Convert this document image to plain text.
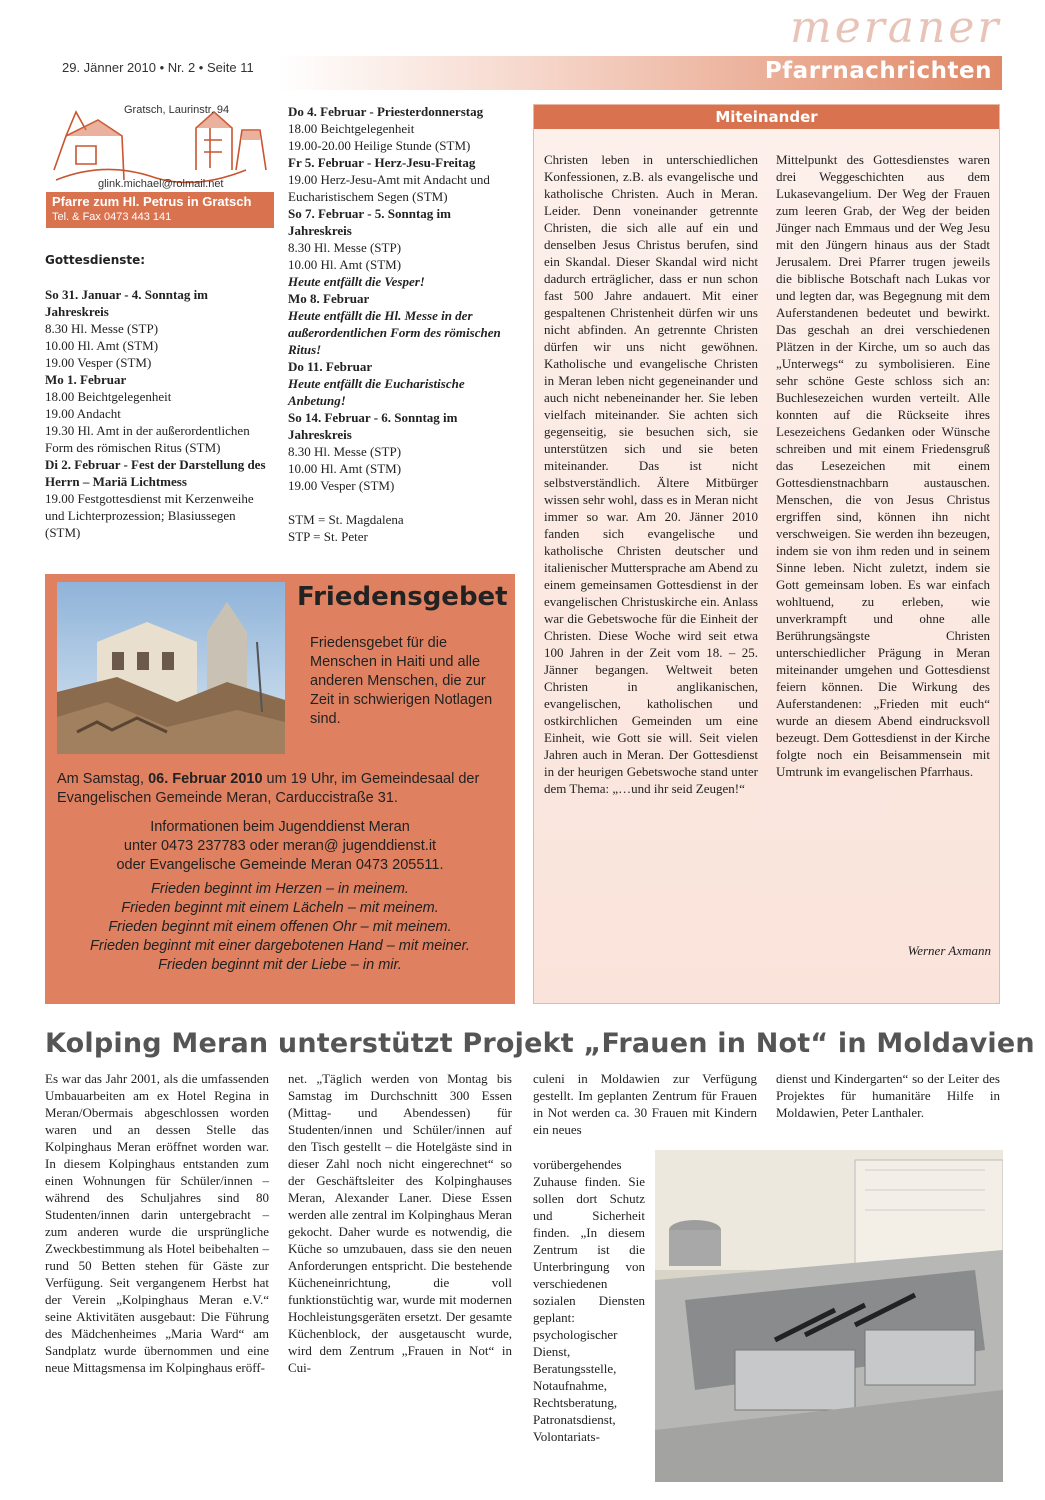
meraner
29. Jänner 2010 • Nr. 2 • Seite 11	Pfarrnachrichten
Gratsch, Laurinstr. 94
glink.michael@rolmail.net
Pfarre zum Hl. Petrus in Gratsch
Tel. & Fax 0473 443 141

Gottesdienste:

So 31. Januar - 4. Sonntag im Jahreskreis

8.30 Hl. Messe (STP)

10.00 Hl. Amt (STM)

19.00 Vesper (STM)

Mo 1. Februar

18.00 Beichtgelegenheit

19.00 Andacht

19.30 Hl. Amt in der außerordentlichen Form des römischen Ritus (STM)

Di 2. Februar - Fest der Darstellung des Herrn – Mariä Lichtmess

19.00 Festgottesdienst mit Kerzenweihe und Lichterprozession; Blasiussegen (STM)

Do 4. Februar - Priesterdonnerstag

18.00 Beichtgelegenheit

19.00-20.00 Heilige Stunde (STM)

Fr 5. Februar - Herz-Jesu-Freitag

19.00 Herz-Jesu-Amt mit Andacht und Eucharistischem Segen (STM)

So 7. Februar - 5. Sonntag im Jahreskreis

8.30 Hl. Messe (STP)

10.00 Hl. Amt (STM)

Heute entfällt die Vesper!

Mo 8. Februar

Heute entfällt die Hl. Messe in der außerordentlichen Form des römischen Ritus!

Do 11. Februar

Heute entfällt die Eucharistische Anbetung!

So 14. Februar - 6. Sonntag im Jahreskreis

8.30 Hl. Messe (STP)

10.00 Hl. Amt (STM)

19.00 Vesper (STM)

STM = St. Magdalena

STP = St. Peter

Miteinander
Christen leben in unterschiedlichen Konfessionen, z.B. als evangelische und katholische Christen. Auch in Meran. Leider. Denn voneinander getrennte Christen, die sich alle auf ein und denselben Jesus Christus berufen, sind ein Skandal. Dieser Skandal wird nicht dadurch erträglicher, dass er nun schon fast 500 Jahre andauert. Mit einer gespaltenen Christenheit dürfen wir uns nicht abfinden. An getrennte Christen dürfen wir uns nicht gewöhnen. Katholische und evangelische Christen in Meran leben nicht gegeneinander und auch nicht nebeneinander her. Sie leben vielfach miteinander. Sie achten sich gegenseitig, sie besuchen sich, sie unterstützen sich und sie beten miteinander. Das ist nicht selbstverständlich. Ältere Mitbürger wissen sehr wohl, dass es in Meran nicht immer so war. Am 20. Jänner 2010 fanden sich evangelische und katholische Christen deutscher und italienischer Muttersprache am Abend zu einem gemeinsamen Gottesdienst in der evangelischen Christuskirche ein. Anlass war die Gebetswoche für die Einheit der Christen. Diese Woche wird seit etwa 100 Jahren in der Zeit vom 18. – 25. Jänner begangen. Weltweit beten Christen in anglikanischen, evangelischen, katholischen und ostkirchlichen Gemeinden um eine Einheit, wie Gott sie will. Seit vielen Jahren auch in Meran. Der Gottesdienst in der heurigen Gebetswoche stand unter dem Thema: „…und ihr seid Zeugen!“
Mittelpunkt des Gottesdienstes waren drei Weggeschichten aus dem Lukasevangelium. Der Weg der Frauen zum leeren Grab, der Weg der beiden Jünger nach Emmaus und der Weg Jesu mit den Jüngern hinaus aus der Stadt Jerusalem. Drei Pfarrer trugen jeweils die biblische Botschaft nach Lukas vor und legten dar, was Begegnung mit dem Auferstandenen bedeutet und bewirkt. Das geschah an drei verschiedenen Plätzen in der Kirche, um so auch das „Unterwegs“ zu symbolisieren. Eine sehr schöne Geste schloss sich an: Buchlesezeichen wurden verteilt. Alle konnten auf die Rückseite ihres Lesezeichens Gedanken oder Wünsche schreiben und mit einem Friedensgruß das Lesezeichen mit einem Gottesdienstnachbarn austauschen. Menschen, die von Jesus Christus ergriffen sind, können ihn nicht verschweigen. Sie werden ihn bezeugen, indem sie von ihm reden und in seinem Sinne leben. Nicht zuletzt, indem sie Gott gemeinsam loben. Es war einfach wohltuend, zu erleben, wie unverkrampft und ohne alle Berührungsängste Christen unterschiedlicher Prägung in Meran miteinander umgehen und Gottesdienst feiern können. Die Wirkung des Auferstandenen: „Frieden mit euch“ wurde an diesem Abend eindrucksvoll bezeugt. Dem Gottesdienst in der Kirche folgte noch ein Beisammensein mit Umtrunk im evangelischen Pfarrhaus.
Werner Axmann
Friedensgebet
Friedensgebet für die Menschen in Haiti und alle anderen Menschen, die zur Zeit in schwierigen Notlagen sind.
Am Samstag, 06. Februar 2010 um 19 Uhr, im Gemeindesaal der Evangelischen Gemeinde Meran, Carduccistraße 31.
Informationen beim Jugenddienst Meran
unter 0473 237783 oder meran@ jugenddienst.it
oder Evangelische Gemeinde Meran 0473 205511.
Frieden beginnt im Herzen – in meinem.
Frieden beginnt mit einem Lächeln – mit meinem.
Frieden beginnt mit einem offenen Ohr – mit meinem.
Frieden beginnt mit einer dargebotenen Hand – mit meiner.
Frieden beginnt mit der Liebe – in mir.
Kolping Meran unterstützt Projekt „Frauen in Not“ in Moldavien
Es war das Jahr 2001, als die umfassenden Umbauarbeiten am ex Hotel Regina in Meran/Obermais abgeschlossen worden waren und an dessen Stelle das Kolpinghaus Meran eröffnet worden war. In diesem Kolpinghaus entstanden zum einen Wohnungen für Schüler/innen – während des Schuljahres sind 80 Studenten/innen darin untergebracht – zum anderen wurde die ursprüngliche Zweckbestimmung als Hotel beibehalten – rund 50 Betten stehen für Gäste zur Verfügung. Seit vergangenem Herbst hat der Verein „Kolpinghaus Meran e.V.“ seine Aktivitäten ausgebaut: Die Führung des Mädchenheimes „Maria Ward“ am Sandplatz wurde übernommen und eine neue Mittagsmensa im Kolpinghaus eröff-
net. „Täglich werden von Montag bis Samstag im Durchschnitt 300 Essen (Mittag- und Abendessen) für Studenten/innen und Schüler/innen auf den Tisch gestellt – die Hotelgäste sind in dieser Zahl noch nicht eingerechnet“ so der Geschäftsleiter des Kolpinghauses Meran, Alexander Laner. Diese Essen werden alle zentral im Kolpinghaus Meran gekocht. Daher wurde es notwendig, die Küche so umzubauen, dass sie den neuen Anforderungen entspricht. Die bestehende Kücheneinrichtung, die voll funktionstüchtig war, wurde mit modernen Hochleistungsgeräten ersetzt. Der gesamte Küchenblock, der ausgetauscht wurde, wird dem Zentrum „Frauen in Not“ in Cui-
culeni in Moldawien zur Verfügung gestellt. Im geplanten Zentrum für Frauen in Not werden ca. 30 Frauen mit Kindern ein neues
vorübergehendes Zuhause finden. Sie sollen dort Schutz und Sicherheit finden. „In diesem Zentrum ist die Unterbringung von verschiedenen sozialen Diensten geplant: psychologischer Dienst, Beratungsstelle, Notaufnahme, Rechtsberatung, Patronatsdienst, Volontariats-
dienst und Kindergarten“ so der Leiter des Projektes für humanitäre Hilfe in Moldawien, Peter Lanthaler.
